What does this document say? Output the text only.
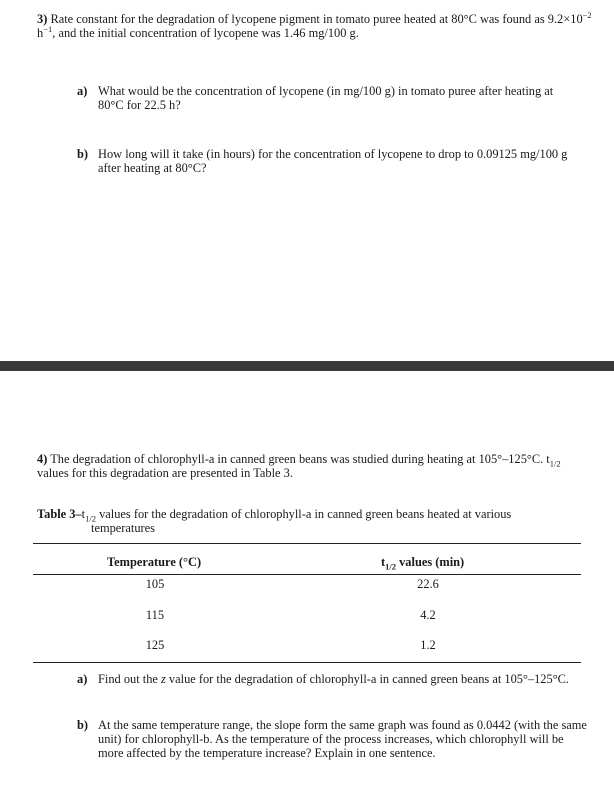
3) Rate constant for the degradation of lycopene pigment in tomato puree heated at 80°C was found as $9.2\times 10^{-2}$ $h^{-1}$, and the initial concentration of lycopene was 1.46 mg/100 g.
a) What would be the concentration of lycopene (in mg/100 g) in tomato puree after heating at 80°C for 22.5 h?
b) How long will it take (in hours) for the concentration of lycopene to drop to 0.09125 mg/100 g after heating at 80°C?
4) The degradation of chlorophyll-a in canned green beans was studied during heating at 105°–125°C. $t_{1/2}$ values for this degradation are presented in Table 3.
Table $3-t_{1/2}$ values for the degradation of chlorophyll-a in canned green beans heated at various
temperatures
Temperature (°C)	$t_{1/2}$ values (min)
105	22.6
115	4.2
125	1.2
a) Find out the z value for the degradation of chlorophyll-a in canned green beans at 105°–125°C.
b) At the same temperature range, the slope form the same graph was found as 0.0442 (with the same unit) for chlorophyll-b. As the temperature of the process increases, which chlorophyll will be more affected by the temperature increase? Explain in one sentence.
